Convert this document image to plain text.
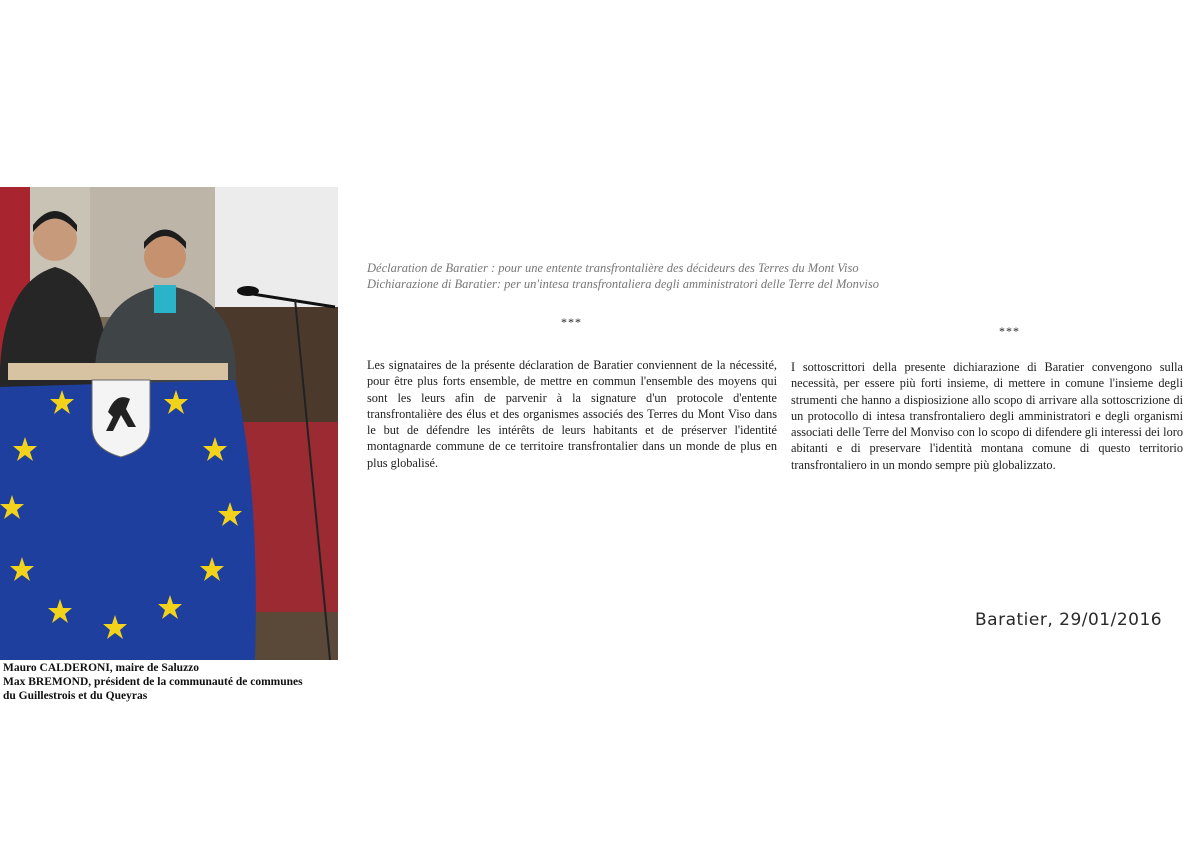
Mauro CALDERONI, maire de Saluzzo
Max BREMOND, président de la communauté de communes
du Guillestrois et du Queyras
Déclaration de Baratier : pour une entente transfrontalière des décideurs des Terres du Mont Viso
Dichiarazione di Baratier: per un'intesa transfrontaliera degli amministratori delle Terre del Monviso
***
***
Les signataires de la présente déclaration de Baratier conviennent de la nécessité, pour être plus forts ensemble, de mettre en commun l'ensemble des moyens qui sont les leurs afin de parvenir à la signature d'un protocole d'entente transfrontalière des élus et des organismes associés des Terres du Mont Viso dans le but de défendre les intérêts de leurs habitants et de préserver l'identité montagnarde commune de ce territoire transfrontalier dans un monde de plus en plus globalisé.
I sottoscrittori della presente dichiarazione di Baratier convengono sulla necessità, per essere più forti insieme, di mettere in comune l'insieme degli strumenti che hanno a dispiosizione allo scopo di arrivare alla sottoscrizione di un protocollo di intesa transfrontaliero degli amministratori e degli organismi associati delle Terre del Monviso con lo scopo di difendere gli interessi dei loro abitanti e di preservare l'identità montana comune di questo territorio transfrontaliero in un mondo sempre più globalizzato.
Baratier, 29/01/2016
